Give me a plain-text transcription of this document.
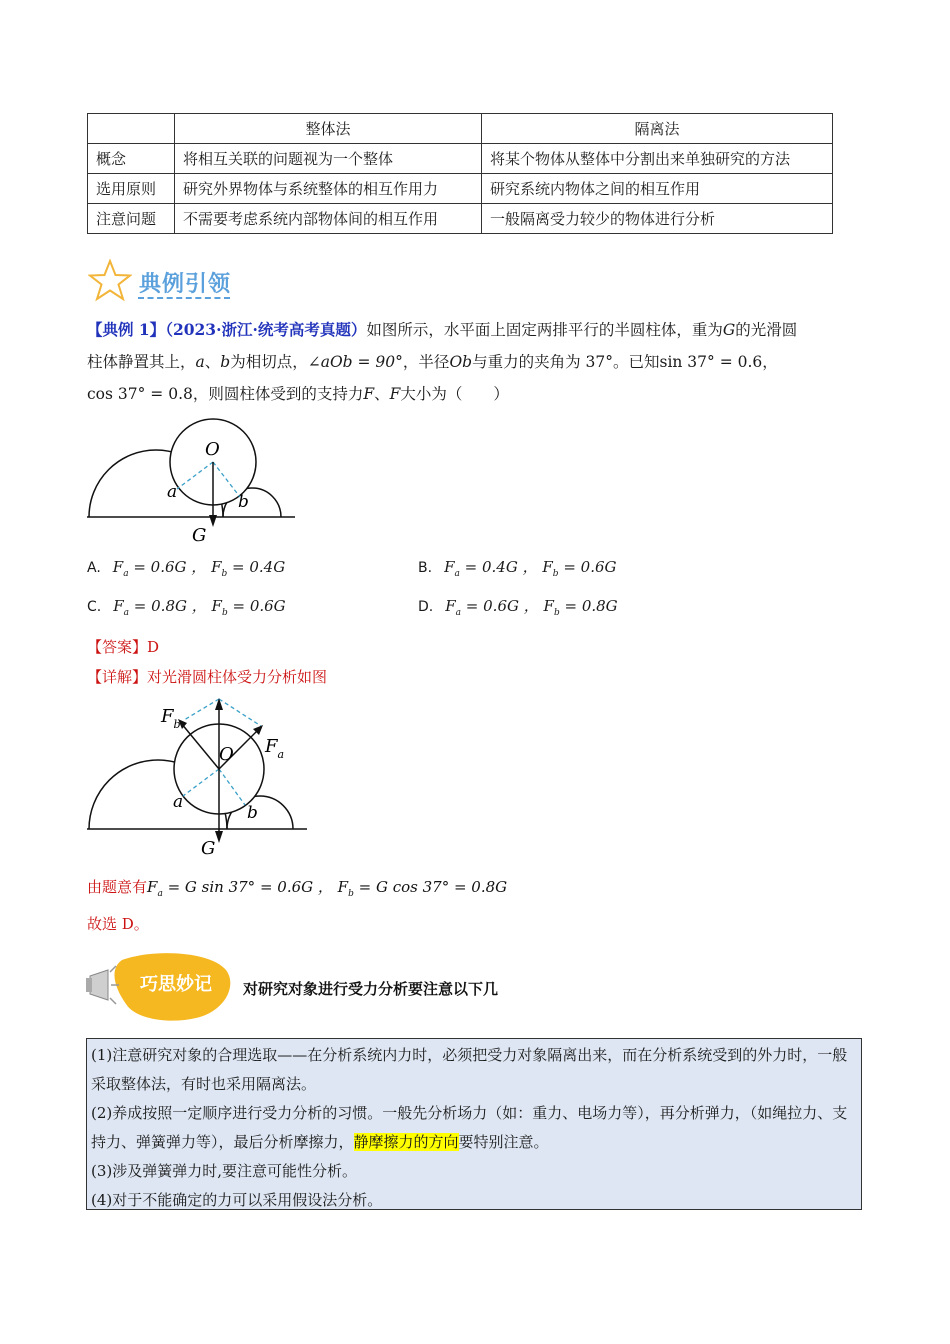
	整体法	隔离法
概念	将相互关联的问题视为一个整体	将某个物体从整体中分割出来单独研究的方法
选用原则	研究外界物体与系统整体的相互作用力	研究系统内物体之间的相互作用
注意问题	不需要考虑系统内部物体间的相互作用	一般隔离受力较少的物体进行分析
典例引领
【典例 1】（2023·浙江·统考高考真题）如图所示，水平面上固定两排平行的半圆柱体，重为G的光滑圆
柱体静置其上，a、b为相切点，∠aOb = 90°，半径Ob与重力的夹角为 37°。已知sin 37° = 0.6，
cos 37° = 0.8，则圆柱体受到的支持力F、F大小为（　　）
O
a	b
G
A. $F_a = 0.6G$ ， $F_b = 0.4G$	B. $F_a = 0.4G$ ， $F_b = 0.6G$
C. $F_a = 0.8G$ ， $F_b = 0.6G$	D. $F_a = 0.6G$ ， $F_b = 0.8G$
【答案】D
【详解】对光滑圆柱体受力分析如图
$F_b$
$F_a$
O
a
b
G
由题意有$F_a = G$ sin 37° = 0.6G ， $F_b = G$ cos 37° = 0.8G
故选 D。
巧思妙记 对研究对象进行受力分析要注意以下几

(1)注意研究对象的合理选取——在分析系统内力时，必须把受力对象隔离出来，而在分析系统受到的外力时，一般采取整体法，有时也采用隔离法。

(2)养成按照一定顺序进行受力分析的习惯。一般先分析场力（如：重力、电场力等），再分析弹力，（如绳拉力、支持力、弹簧弹力等），最后分析摩擦力，静摩擦力的方向要特别注意。

(3)涉及弹簧弹力时,要注意可能性分析。

(4)对于不能确定的力可以采用假设法分析。
